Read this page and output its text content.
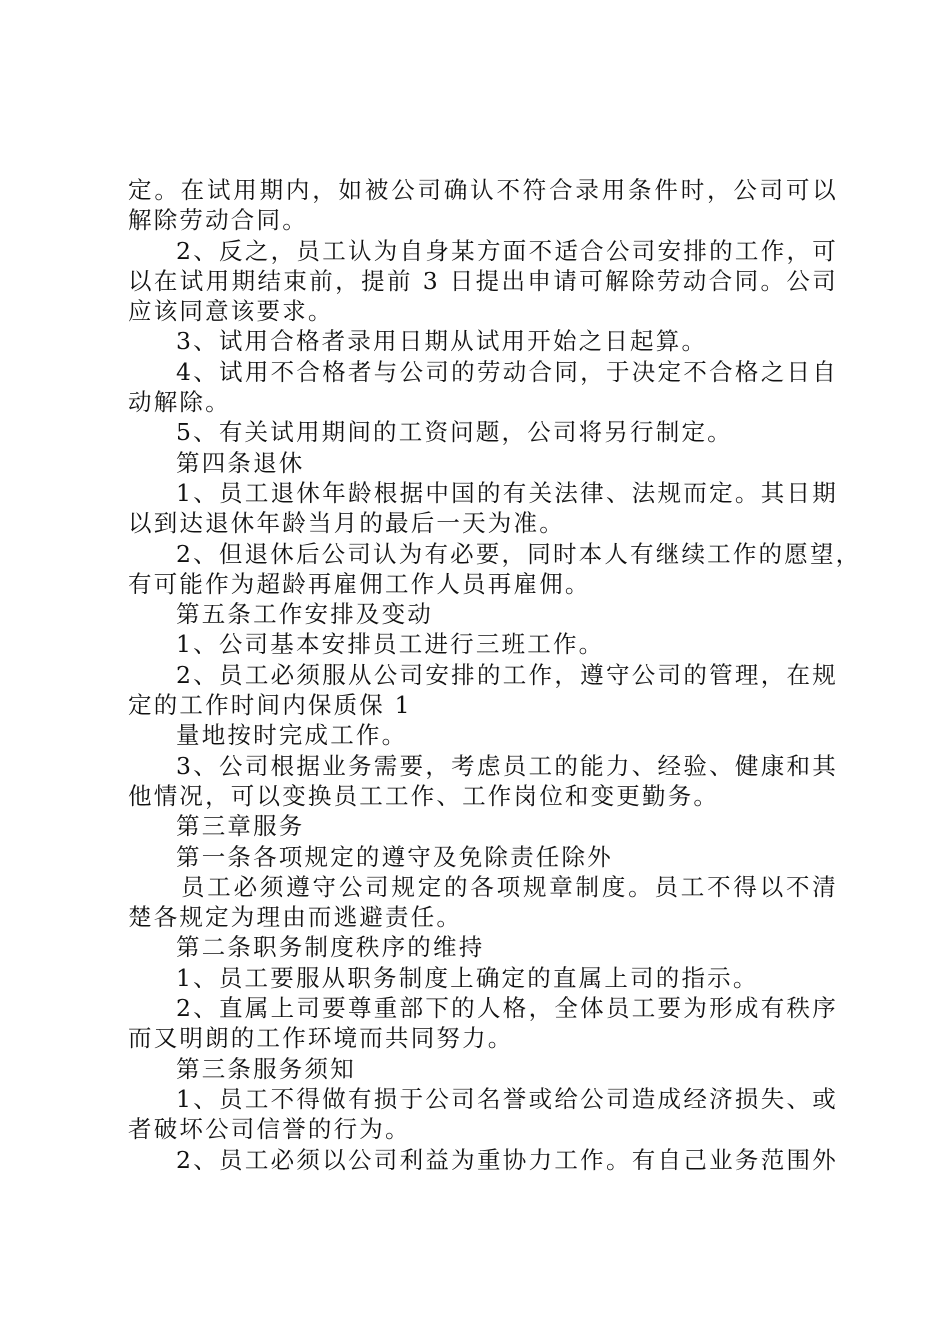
定。在试用期内，如被公司确认不符合录用条件时，公司可以
解除劳动合同。
2、反之，员工认为自身某方面不适合公司安排的工作，可
以在试用期结束前，提前 3 日提出申请可解除劳动合同。公司
应该同意该要求。
3、试用合格者录用日期从试用开始之日起算。
4、试用不合格者与公司的劳动合同，于决定不合格之日自
动解除。
5、有关试用期间的工资问题，公司将另行制定。
第四条退休
1、员工退休年龄根据中国的有关法律、法规而定。其日期
以到达退休年龄当月的最后一天为准。
2、但退休后公司认为有必要，同时本人有继续工作的愿望，
有可能作为超龄再雇佣工作人员再雇佣。
第五条工作安排及变动
1、公司基本安排员工进行三班工作。
2、员工必须服从公司安排的工作，遵守公司的管理，在规
定的工作时间内保质保 1
量地按时完成工作。
3、公司根据业务需要，考虑员工的能力、经验、健康和其
他情况，可以变换员工工作、工作岗位和变更勤务。
第三章服务
第一条各项规定的遵守及免除责任除外
员工必须遵守公司规定的各项规章制度。员工不得以不清
楚各规定为理由而逃避责任。
第二条职务制度秩序的维持
1、员工要服从职务制度上确定的直属上司的指示。
2、直属上司要尊重部下的人格，全体员工要为形成有秩序
而又明朗的工作环境而共同努力。
第三条服务须知
1、员工不得做有损于公司名誉或给公司造成经济损失、或
者破坏公司信誉的行为。
2、员工必须以公司利益为重协力工作。有自己业务范围外
